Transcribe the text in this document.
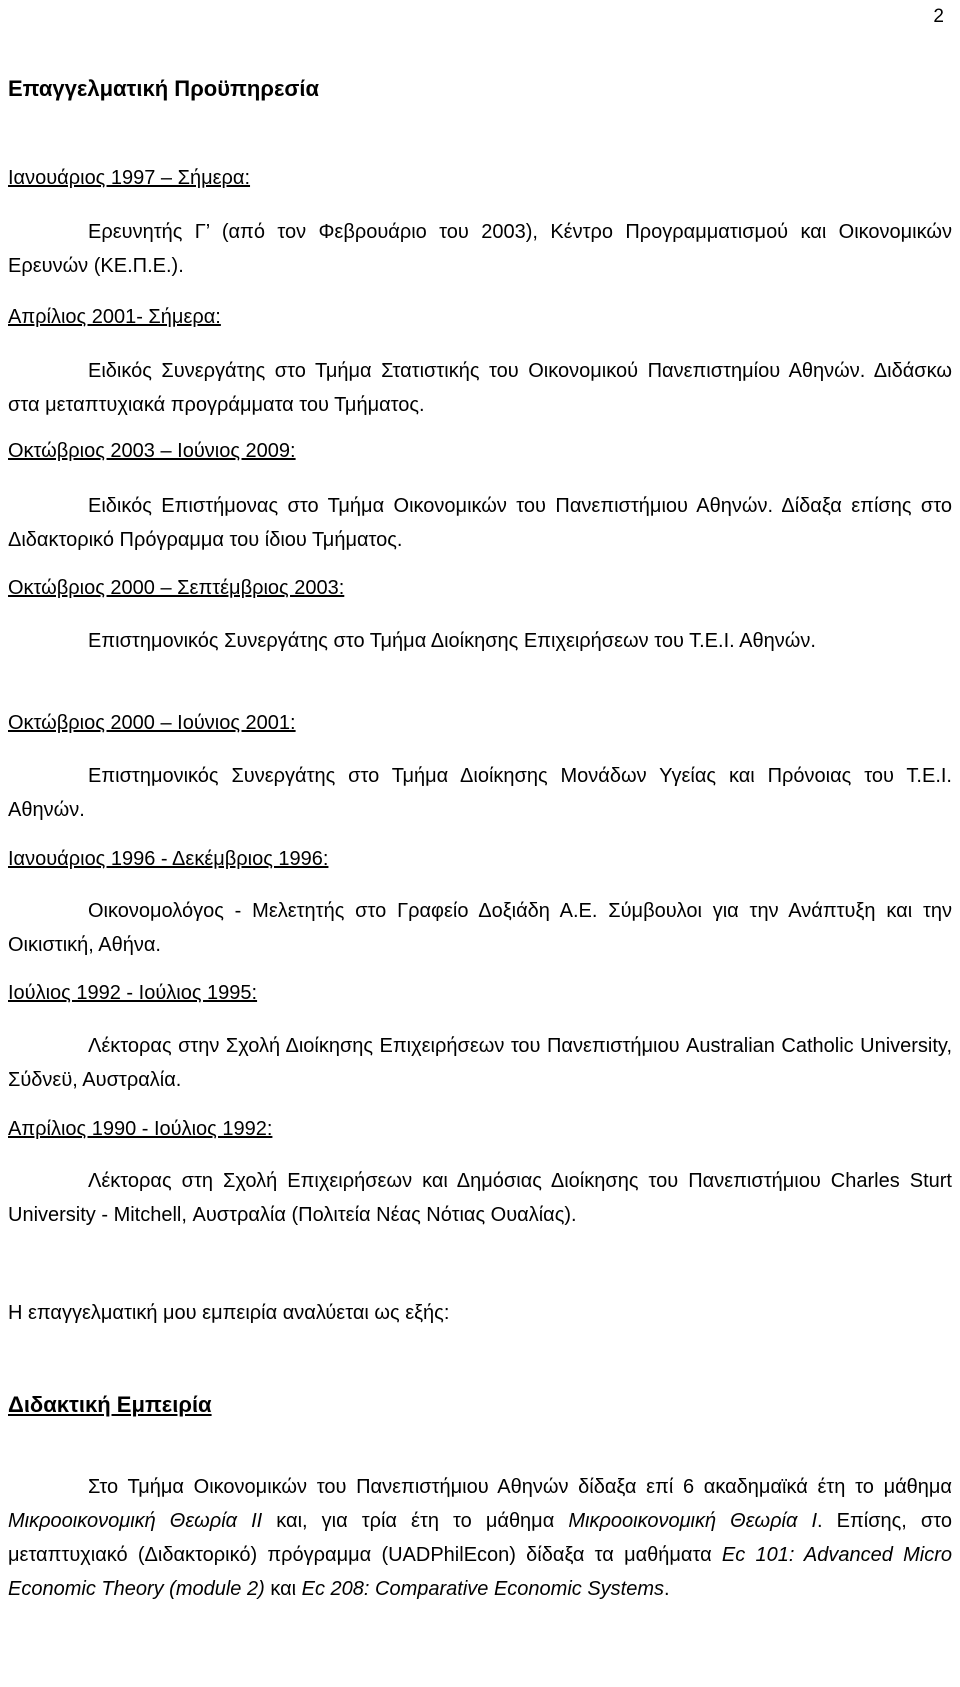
2
Επαγγελματική Προϋπηρεσία

Ιανουάριος 1997 – Σήμερα:

Ερευνητής Γ’ (από τον Φεβρουάριο του 2003), Κέντρο Προγραμματισμού και Οικονομικών Ερευνών (ΚΕ.Π.Ε.).

Απρίλιος 2001- Σήμερα:

Ειδικός Συνεργάτης στο Τμήμα Στατιστικής του Οικονομικού Πανεπιστημίου Αθηνών. Διδάσκω στα μεταπτυχιακά προγράμματα του Τμήματος.

Οκτώβριος 2003 – Ιούνιος 2009:

Ειδικός Επιστήμονας στο Τμήμα Οικονομικών του Πανεπιστήμιου Αθηνών. Δίδαξα επίσης στο Διδακτορικό Πρόγραμμα του ίδιου Τμήματος.

Οκτώβριος 2000 – Σεπτέμβριος 2003:

Επιστημονικός Συνεργάτης στο Τμήμα Διοίκησης Επιχειρήσεων του Τ.Ε.Ι. Αθηνών.

Οκτώβριος 2000 – Ιούνιος 2001:

Επιστημονικός Συνεργάτης στο Τμήμα Διοίκησης Μονάδων Υγείας και Πρόνοιας του Τ.Ε.Ι. Αθηνών.

Ιανουάριος 1996 - Δεκέμβριος 1996:

Οικονομολόγος - Μελετητής στο Γραφείο Δοξιάδη Α.Ε. Σύμβουλοι για την Ανάπτυξη και την Οικιστική, Αθήνα.

Ιούλιος 1992 - Ιούλιος 1995:

Λέκτορας στην Σχολή Διοίκησης Επιχειρήσεων του Πανεπιστήμιου Australian Catholic University, Σύδνεϋ, Αυστραλία.

Απρίλιος 1990 - Ιούλιος 1992:

Λέκτορας στη Σχολή Επιχειρήσεων και Δημόσιας Διοίκησης του Πανεπιστήμιου Charles Sturt University - Mitchell, Αυστραλία (Πολιτεία Νέας Νότιας Ουαλίας).

Η επαγγελματική μου εμπειρία αναλύεται ως εξής:

Διδακτική Εμπειρία

Στο Τμήμα Οικονομικών του Πανεπιστήμιου Αθηνών δίδαξα επί 6 ακαδημαϊκά έτη το μάθημα Μικροοικονομική Θεωρία ΙΙ και, για τρία έτη το μάθημα Μικροοικονομική Θεωρία Ι. Επίσης, στο μεταπτυχιακό (Διδακτορικό) πρόγραμμα (UADPhilEcon) δίδαξα τα μαθήματα Ec 101: Advanced Micro Economic Theory (module 2) και Ec 208: Comparative Economic Systems.
